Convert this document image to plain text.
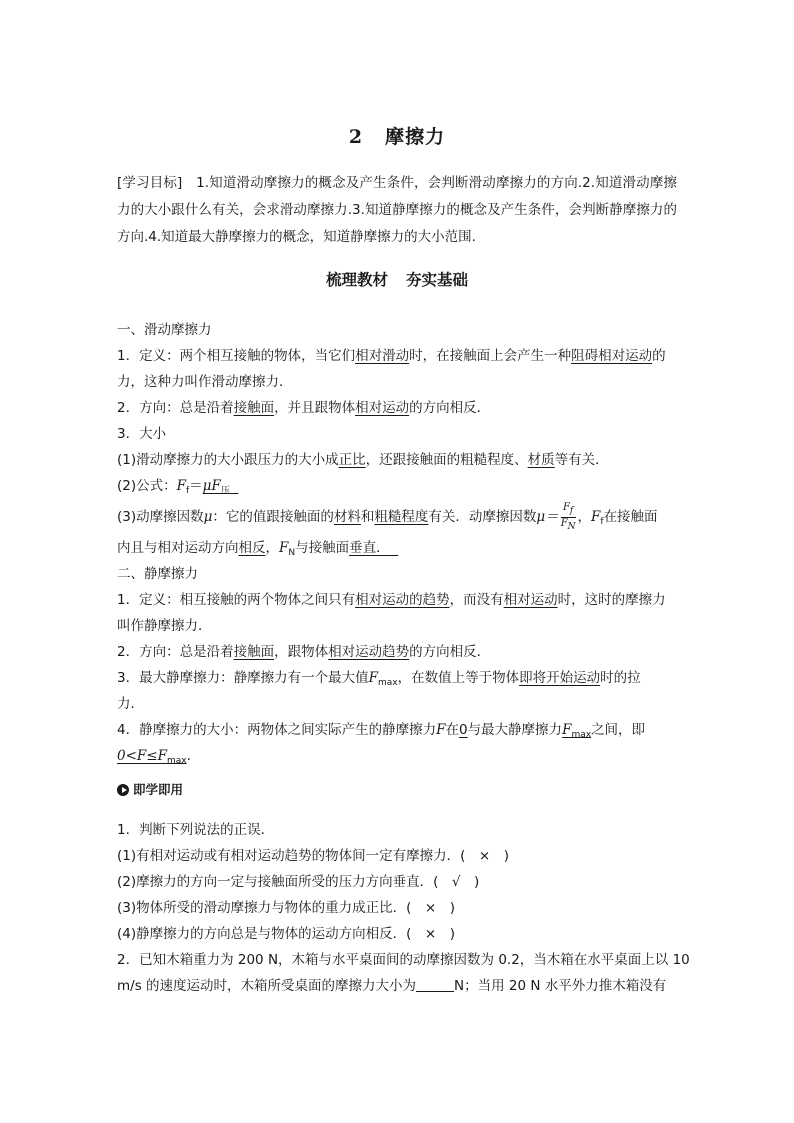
2 摩擦力
[学习目标]　1.知道滑动摩擦力的概念及产生条件，会判断滑动摩擦力的方向.2.知道滑动摩擦力的大小跟什么有关，会求滑动摩擦力.3.知道静摩擦力的概念及产生条件，会判断静摩擦力的方向.4.知道最大静摩擦力的概念，知道静摩擦力的大小范围.
梳理教材 夯实基础
一、滑动摩擦力
1．定义：两个相互接触的物体，当它们相对滑动时，在接触面上会产生一种阻碍相对运动的
力，这种力叫作滑动摩擦力．
2．方向：总是沿着接触面，并且跟物体相对运动的方向相反．
3．大小
(1)滑动摩擦力的大小跟压力的大小成正比，还跟接触面的粗糙程度、材质等有关．
(2)公式：$F_f=\mu F_压$
(3)动摩擦因数μ：它的值跟接触面的材料和粗糙程度有关．动摩擦因数$\mu= \frac{F_f}{F_N}$ ，$F_f$在接触面
内且与相对运动方向相反，$F_N$与接触面垂直．
二、静摩擦力
1．定义：相互接触的两个物体之间只有相对运动的趋势，而没有相对运动时，这时的摩擦力
叫作静摩擦力．
2．方向：总是沿着接触面，跟物体相对运动趋势的方向相反．
3．最大静摩擦力：静摩擦力有一个最大值$F_{max}$，在数值上等于物体即将开始运动时的拉
力．
4．静摩擦力的大小：两物体之间实际产生的静摩擦力F在0与最大静摩擦力$F_{max}$之间，即
$0<F\le F_{max}$.
即学即用
1．判断下列说法的正误．
(1)有相对运动或有相对运动趋势的物体间一定有摩擦力．(　×　)
(2)摩擦力的方向一定与接触面所受的压力方向垂直．(　√　)
(3)物体所受的滑动摩擦力与物体的重力成正比．(　×　)
(4)静摩擦力的方向总是与物体的运动方向相反．(　×　)
2．已知木箱重力为 200 N，木箱与水平桌面间的动摩擦因数为 0.2，当木箱在水平桌面上以 10
m/s 的速度运动时，木箱所受桌面的摩擦力大小为	N；当用 20 N 水平外力推木箱没有
